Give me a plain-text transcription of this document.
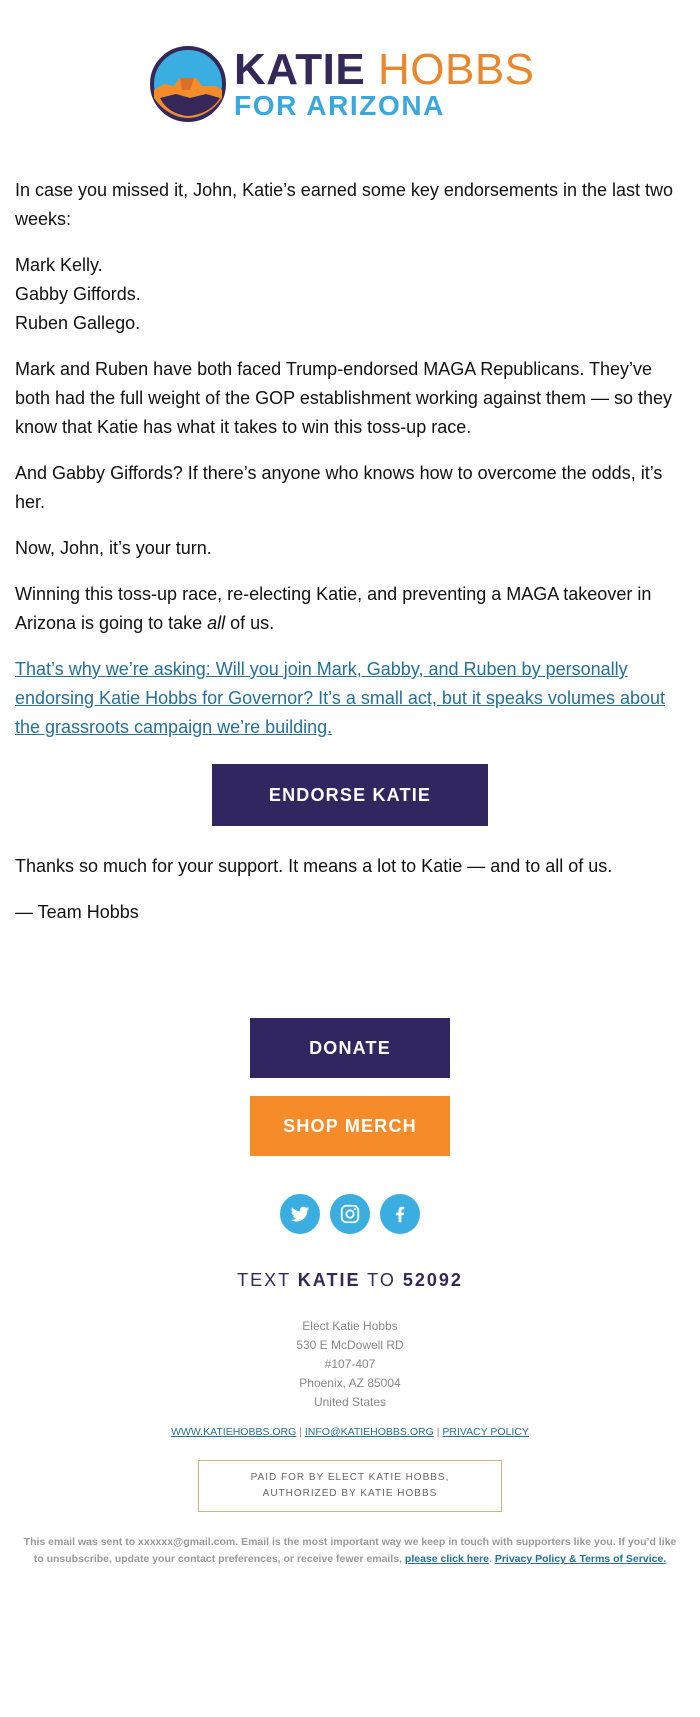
KATIE HOBBS
FOR ARIZONA

In case you missed it, John, Katie’s earned some key endorsements in the last two weeks:

Mark Kelly.
Gabby Giffords.
Ruben Gallego.

Mark and Ruben have both faced Trump-endorsed MAGA Republicans. They’ve both had the full weight of the GOP establishment working against them — so they know that Katie has what it takes to win this toss-up race.

And Gabby Giffords? If there’s anyone who knows how to overcome the odds, it’s her.

Now, John, it’s your turn.

Winning this toss-up race, re-electing Katie, and preventing a MAGA takeover in Arizona is going to take all of us.

That’s why we’re asking: Will you join Mark, Gabby, and Ruben by personally endorsing Katie Hobbs for Governor? It’s a small act, but it speaks volumes about the grassroots campaign we’re building.

ENDORSE KATIE

Thanks so much for your support. It means a lot to Katie — and to all of us.

— Team Hobbs

DONATE
SHOP MERCH
TEXT KATIE TO 52092
Elect Katie Hobbs
530 E McDowell RD
#107-407
Phoenix, AZ 85004
United States
WWW.KATIEHOBBS.ORG | INFO@KATIEHOBBS.ORG | PRIVACY POLICY
PAID FOR BY ELECT KATIE HOBBS,
AUTHORIZED BY KATIE HOBBS
This email was sent to xxxxxx@gmail.com. Email is the most important way we keep in touch with supporters like you. If you’d like to unsubscribe, update your contact preferences, or receive fewer emails, please click here. Privacy Policy & Terms of Service.
